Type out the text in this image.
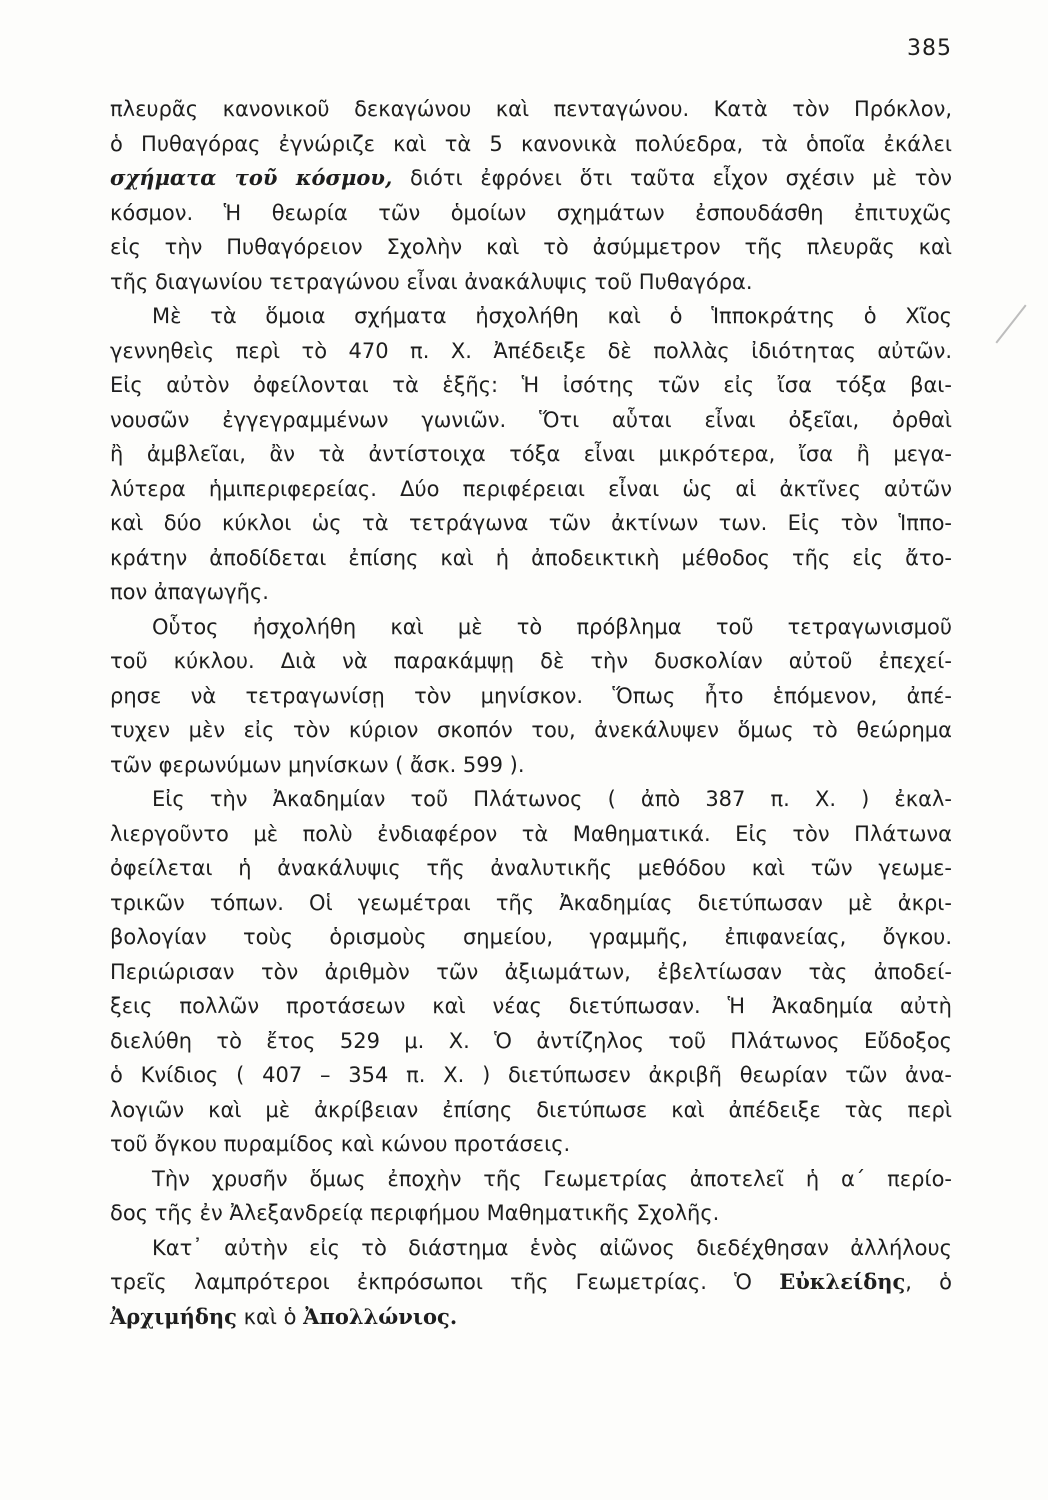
385
πλευρᾶς κανονικοῦ δεκαγώνου καὶ πενταγώνου. Κατὰ τὸν Πρόκλον,
ὁ Πυθαγόρας ἐγνώριζε καὶ τὰ 5 κανονικὰ πολύεδρα, τὰ ὁποῖα ἐκάλει
σχήματα τοῦ κόσμου, διότι ἐφρόνει ὅτι ταῦτα εἶχον σχέσιν μὲ τὸν
κόσμον. Ἡ θεωρία τῶν ὁμοίων σχημάτων ἐσπουδάσθη ἐπιτυχῶς
εἰς τὴν Πυθαγόρειον Σχολὴν καὶ τὸ ἀσύμμετρον τῆς πλευρᾶς καὶ
τῆς διαγωνίου τετραγώνου εἶναι ἀνακάλυψις τοῦ Πυθαγόρα.
Μὲ τὰ ὅμοια σχήματα ἠσχολήθη καὶ ὁ Ἱπποκράτης ὁ Χῖος
γεννηθεὶς περὶ τὸ 470 π. Χ. Ἀπέδειξε δὲ πολλὰς ἰδιότητας αὐτῶν.
Εἰς αὐτὸν ὀφείλονται τὰ ἑξῆς: Ἡ ἰσότης τῶν εἰς ἴσα τόξα βαι-
νουσῶν ἐγγεγραμμένων γωνιῶν. Ὅτι αὗται εἶναι ὀξεῖαι, ὀρθαὶ
ἢ ἀμβλεῖαι, ἂν τὰ ἀντίστοιχα τόξα εἶναι μικρότερα, ἴσα ἢ μεγα-
λύτερα ἡμιπεριφερείας. Δύο περιφέρειαι εἶναι ὡς αἱ ἀκτῖνες αὐτῶν
καὶ δύο κύκλοι ὡς τὰ τετράγωνα τῶν ἀκτίνων των. Εἰς τὸν Ἱππο-
κράτην ἀποδίδεται ἐπίσης καὶ ἡ ἀποδεικτικὴ μέθοδος τῆς εἰς ἄτο-
πον ἀπαγωγῆς.
Οὗτος ἠσχολήθη καὶ μὲ τὸ πρόβλημα τοῦ τετραγωνισμοῦ
τοῦ κύκλου. Διὰ νὰ παρακάμψῃ δὲ τὴν δυσκολίαν αὐτοῦ ἐπεχεί-
ρησε νὰ τετραγωνίσῃ τὸν μηνίσκον. Ὅπως ἦτο ἑπόμενον, ἀπέ-
τυχεν μὲν εἰς τὸν κύριον σκοπόν του, ἀνεκάλυψεν ὅμως τὸ θεώρημα
τῶν φερωνύμων μηνίσκων ( ἄσκ. 599 ).
Εἰς τὴν Ἀκαδημίαν τοῦ Πλάτωνος ( ἀπὸ 387 π. Χ. ) ἐκαλ-
λιεργοῦντο μὲ πολὺ ἐνδιαφέρον τὰ Μαθηματικά. Εἰς τὸν Πλάτωνα
ὀφείλεται ἡ ἀνακάλυψις τῆς ἀναλυτικῆς μεθόδου καὶ τῶν γεωμε-
τρικῶν τόπων. Οἱ γεωμέτραι τῆς Ἀκαδημίας διετύπωσαν μὲ ἀκρι-
βολογίαν τοὺς ὁρισμοὺς σημείου, γραμμῆς, ἐπιφανείας, ὄγκου.
Περιώρισαν τὸν ἀριθμὸν τῶν ἀξιωμάτων, ἐβελτίωσαν τὰς ἀποδεί-
ξεις πολλῶν προτάσεων καὶ νέας διετύπωσαν. Ἡ Ἀκαδημία αὐτὴ
διελύθη τὸ ἔτος 529 μ. Χ. Ὁ ἀντίζηλος τοῦ Πλάτωνος Εὔδοξος
ὁ Κνίδιος ( 407 – 354 π. Χ. ) διετύπωσεν ἀκριβῆ θεωρίαν τῶν ἀνα-
λογιῶν καὶ μὲ ἀκρίβειαν ἐπίσης διετύπωσε καὶ ἀπέδειξε τὰς περὶ
τοῦ ὄγκου πυραμίδος καὶ κώνου προτάσεις.
Τὴν χρυσῆν ὅμως ἐποχὴν τῆς Γεωμετρίας ἀποτελεῖ ἡ α΄ περίο-
δος τῆς ἐν Ἀλεξανδρείᾳ περιφήμου Μαθηματικῆς Σχολῆς.
Κατ᾽ αὐτὴν εἰς τὸ διάστημα ἑνὸς αἰῶνος διεδέχθησαν ἀλλήλους
τρεῖς λαμπρότεροι ἐκπρόσωποι τῆς Γεωμετρίας. Ὁ Εὐκλείδης, ὁ
Ἀρχιμήδης καὶ ὁ Ἀπολλώνιος.
